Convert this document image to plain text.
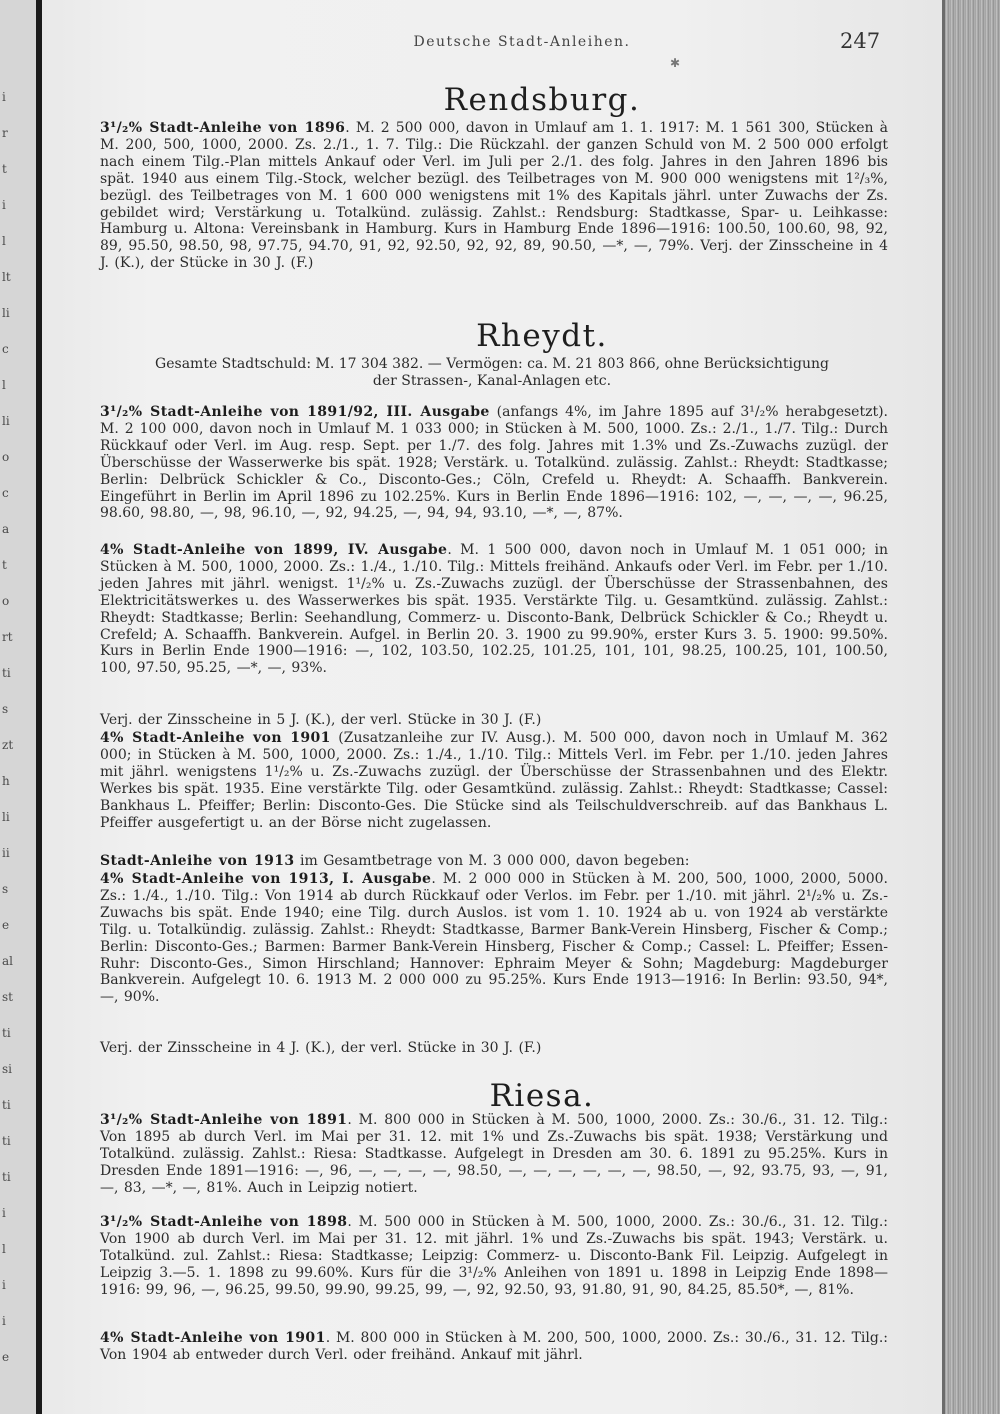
i
r
t
i
l
lt
li
c
l
li
o
c
a
t
o
rt
ti
s
zt
h
li
ii
s
e
al
st
ti
si
ti
ti
ti
i
l
i
i
e
Deutsche Stadt-Anleihen.	247
✱
Rendsburg.
3¹/₂% Stadt-Anleihe von 1896. M. 2 500 000, davon in Umlauf am 1. 1. 1917: M. 1 561 300, Stücken à M. 200, 500, 1000, 2000. Zs. 2./1., 1. 7. Tilg.: Die Rückzahl. der ganzen Schuld von M. 2 500 000 erfolgt nach einem Tilg.-Plan mittels Ankauf oder Verl. im Juli per 2./1. des folg. Jahres in den Jahren 1896 bis spät. 1940 aus einem Tilg.-Stock, welcher bezügl. des Teilbetrages von M. 900 000 wenigstens mit 1²/₃%, bezügl. des Teilbetrages von M. 1 600 000 wenigstens mit 1% des Kapitals jährl. unter Zuwachs der Zs. gebildet wird; Verstärkung u. Totalkünd. zulässig. Zahlst.: Rendsburg: Stadtkasse, Spar- u. Leihkasse: Hamburg u. Altona: Vereinsbank in Hamburg. Kurs in Hamburg Ende 1896—1916: 100.50, 100.60, 98, 92, 89, 95.50, 98.50, 98, 97.75, 94.70, 91, 92, 92.50, 92, 92, 89, 90.50, —*, —, 79%. Verj. der Zinsscheine in 4 J. (K.), der Stücke in 30 J. (F.)
Rheydt.
Gesamte Stadtschuld: M. 17 304 382. — Vermögen: ca. M. 21 803 866, ohne Berücksichtigung
der Strassen-, Kanal-Anlagen etc.
3¹/₂% Stadt-Anleihe von 1891/92, III. Ausgabe (anfangs 4%, im Jahre 1895 auf 3¹/₂% herabgesetzt). M. 2 100 000, davon noch in Umlauf M. 1 033 000; in Stücken à M. 500, 1000. Zs.: 2./1., 1./7. Tilg.: Durch Rückkauf oder Verl. im Aug. resp. Sept. per 1./7. des folg. Jahres mit 1.3% und Zs.-Zuwachs zuzügl. der Überschüsse der Wasserwerke bis spät. 1928; Verstärk. u. Totalkünd. zulässig. Zahlst.: Rheydt: Stadtkasse; Berlin: Delbrück Schickler & Co., Disconto-Ges.; Cöln, Crefeld u. Rheydt: A. Schaaffh. Bankverein. Eingeführt in Berlin im April 1896 zu 102.25%. Kurs in Berlin Ende 1896—1916: 102, —, —, —, —, 96.25, 98.60, 98.80, —, 98, 96.10, —, 92, 94.25, —, 94, 94, 93.10, —*, —, 87%.
4% Stadt-Anleihe von 1899, IV. Ausgabe. M. 1 500 000, davon noch in Umlauf M. 1 051 000; in Stücken à M. 500, 1000, 2000. Zs.: 1./4., 1./10. Tilg.: Mittels freihänd. Ankaufs oder Verl. im Febr. per 1./10. jeden Jahres mit jährl. wenigst. 1¹/₂% u. Zs.-Zuwachs zuzügl. der Überschüsse der Strassenbahnen, des Elektricitätswerkes u. des Wasserwerkes bis spät. 1935. Verstärkte Tilg. u. Gesamtkünd. zulässig. Zahlst.: Rheydt: Stadtkasse; Berlin: Seehandlung, Commerz- u. Disconto-Bank, Delbrück Schickler & Co.; Rheydt u. Crefeld; A. Schaaffh. Bankverein. Aufgel. in Berlin 20. 3. 1900 zu 99.90%, erster Kurs 3. 5. 1900: 99.50%. Kurs in Berlin Ende 1900—1916: —, 102, 103.50, 102.25, 101.25, 101, 101, 98.25, 100.25, 101, 100.50, 100, 97.50, 95.25, —*, —, 93%.
Verj. der Zinsscheine in 5 J. (K.), der verl. Stücke in 30 J. (F.)
4% Stadt-Anleihe von 1901 (Zusatzanleihe zur IV. Ausg.). M. 500 000, davon noch in Umlauf M. 362 000; in Stücken à M. 500, 1000, 2000. Zs.: 1./4., 1./10. Tilg.: Mittels Verl. im Febr. per 1./10. jeden Jahres mit jährl. wenigstens 1¹/₂% u. Zs.-Zuwachs zuzügl. der Überschüsse der Strassenbahnen und des Elektr. Werkes bis spät. 1935. Eine verstärkte Tilg. oder Gesamtkünd. zulässig. Zahlst.: Rheydt: Stadtkasse; Cassel: Bankhaus L. Pfeiffer; Berlin: Disconto-Ges. Die Stücke sind als Teilschuldverschreib. auf das Bankhaus L. Pfeiffer ausgefertigt u. an der Börse nicht zugelassen.
Stadt-Anleihe von 1913 im Gesamtbetrage von M. 3 000 000, davon begeben:
4% Stadt-Anleihe von 1913, I. Ausgabe. M. 2 000 000 in Stücken à M. 200, 500, 1000, 2000, 5000. Zs.: 1./4., 1./10. Tilg.: Von 1914 ab durch Rückkauf oder Verlos. im Febr. per 1./10. mit jährl. 2¹/₂% u. Zs.-Zuwachs bis spät. Ende 1940; eine Tilg. durch Auslos. ist vom 1. 10. 1924 ab u. von 1924 ab verstärkte Tilg. u. Totalkündig. zulässig. Zahlst.: Rheydt: Stadtkasse, Barmer Bank-Verein Hinsberg, Fischer & Comp.; Berlin: Disconto-Ges.; Barmen: Barmer Bank-Verein Hinsberg, Fischer & Comp.; Cassel: L. Pfeiffer; Essen-Ruhr: Disconto-Ges., Simon Hirschland; Hannover: Ephraim Meyer & Sohn; Magdeburg: Magdeburger Bankverein. Aufgelegt 10. 6. 1913 M. 2 000 000 zu 95.25%. Kurs Ende 1913—1916: In Berlin: 93.50, 94*, —, 90%.
Verj. der Zinsscheine in 4 J. (K.), der verl. Stücke in 30 J. (F.)
Riesa.
3¹/₂% Stadt-Anleihe von 1891. M. 800 000 in Stücken à M. 500, 1000, 2000. Zs.: 30./6., 31. 12. Tilg.: Von 1895 ab durch Verl. im Mai per 31. 12. mit 1% und Zs.-Zuwachs bis spät. 1938; Verstärkung und Totalkünd. zulässig. Zahlst.: Riesa: Stadtkasse. Aufgelegt in Dresden am 30. 6. 1891 zu 95.25%. Kurs in Dresden Ende 1891—1916: —, 96, —, —, —, —, 98.50, —, —, —, —, —, —, 98.50, —, 92, 93.75, 93, —, 91, —, 83, —*, —, 81%. Auch in Leipzig notiert.
3¹/₂% Stadt-Anleihe von 1898. M. 500 000 in Stücken à M. 500, 1000, 2000. Zs.: 30./6., 31. 12. Tilg.: Von 1900 ab durch Verl. im Mai per 31. 12. mit jährl. 1% und Zs.-Zuwachs bis spät. 1943; Verstärk. u. Totalkünd. zul. Zahlst.: Riesa: Stadtkasse; Leipzig: Commerz- u. Disconto-Bank Fil. Leipzig. Aufgelegt in Leipzig 3.—5. 1. 1898 zu 99.60%. Kurs für die 3¹/₂% Anleihen von 1891 u. 1898 in Leipzig Ende 1898—1916: 99, 96, —, 96.25, 99.50, 99.90, 99.25, 99, —, 92, 92.50, 93, 91.80, 91, 90, 84.25, 85.50*, —, 81%.
4% Stadt-Anleihe von 1901. M. 800 000 in Stücken à M. 200, 500, 1000, 2000. Zs.: 30./6., 31. 12. Tilg.: Von 1904 ab entweder durch Verl. oder freihänd. Ankauf mit jährl.
